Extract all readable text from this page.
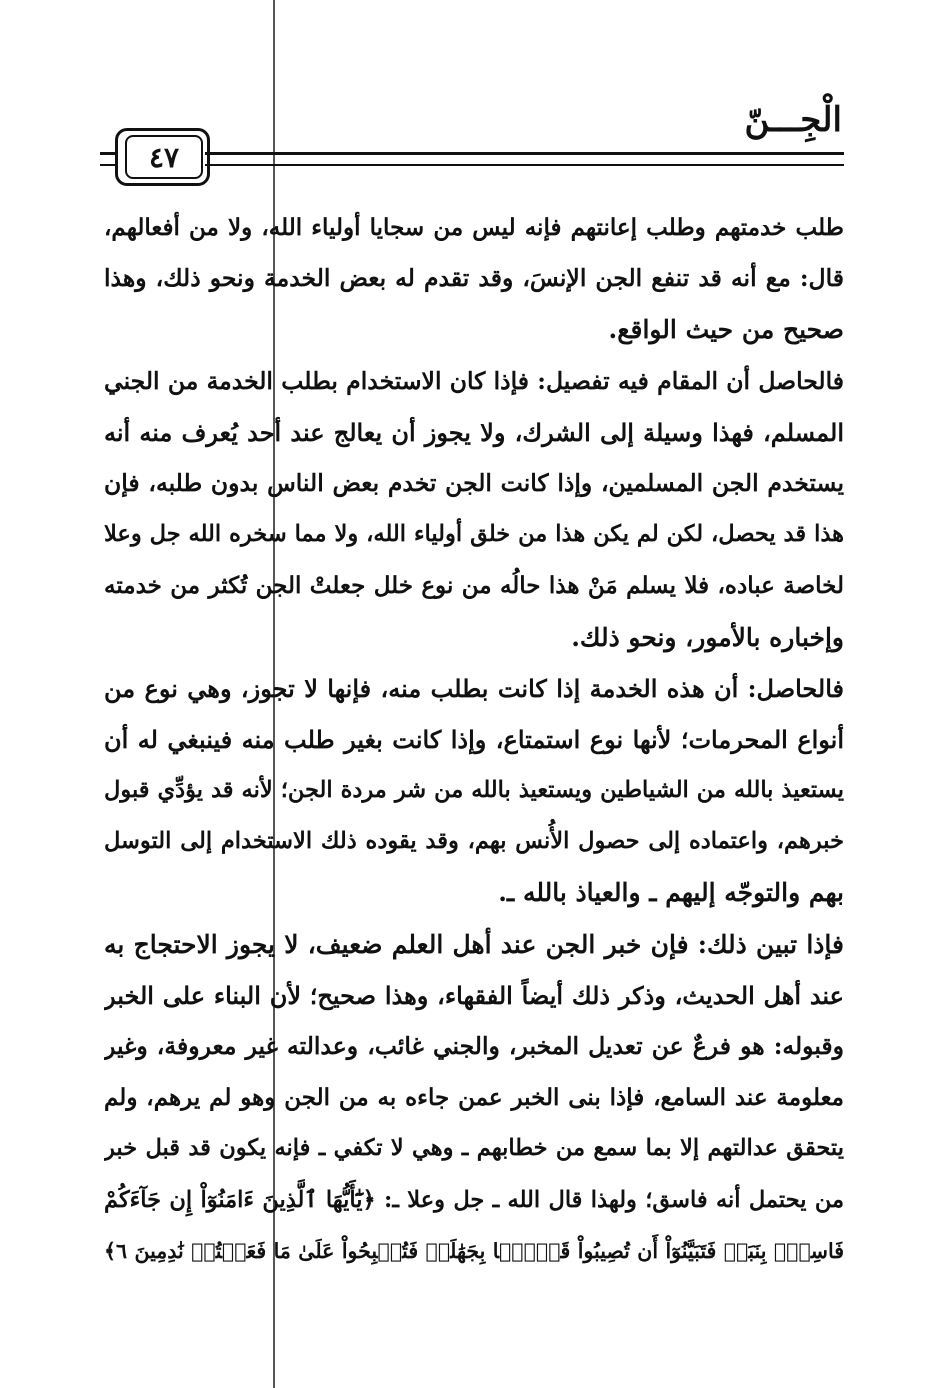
الْجِـــنّ
٤٧
طلب خدمتهم وطلب إعانتهم فإنه ليس من سجايا أولياء الله، ولا من أفعالهم،
قال: مع أنه قد تنفع الجن الإنسَ، وقد تقدم له بعض الخدمة ونحو ذلك، وهذا
صحيح من حيث الواقع.
فالحاصل أن المقام فيه تفصيل: فإذا كان الاستخدام بطلب الخدمة من الجني
المسلم، فهذا وسيلة إلى الشرك، ولا يجوز أن يعالج عند أحد يُعرف منه أنه
يستخدم الجن المسلمين، وإذا كانت الجن تخدم بعض الناس بدون طلبه، فإن
هذا قد يحصل، لكن لم يكن هذا من خلق أولياء الله، ولا مما سخره الله جل وعلا
لخاصة عباده، فلا يسلم مَنْ هذا حالُه من نوع خلل جعلتْ الجن تُكثر من خدمته
وإخباره بالأمور، ونحو ذلك.
فالحاصل: أن هذه الخدمة إذا كانت بطلب منه، فإنها لا تجوز، وهي نوع من
أنواع المحرمات؛ لأنها نوع استمتاع، وإذا كانت بغير طلب منه فينبغي له أن
يستعيذ بالله من الشياطين ويستعيذ بالله من شر مردة الجن؛ لأنه قد يؤدِّي قبول
خبرهم، واعتماده إلى حصول الأُنس بهم، وقد يقوده ذلك الاستخدام إلى التوسل
بهم والتوجّه إليهم ـ والعياذ بالله ـ.
فإذا تبين ذلك: فإن خبر الجن عند أهل العلم ضعيف، لا يجوز الاحتجاج به
عند أهل الحديث، وذكر ذلك أيضاً الفقهاء، وهذا صحيح؛ لأن البناء على الخبر
وقبوله: هو فرعٌ عن تعديل المخبر، والجني غائب، وعدالته غير معروفة، وغير
معلومة عند السامع، فإذا بنى الخبر عمن جاءه به من الجن وهو لم يرهم، ولم
يتحقق عدالتهم إلا بما سمع من خطابهم ـ وهي لا تكفي ـ فإنه يكون قد قبل خبر
من يحتمل أنه فاسق؛ ولهذا قال الله ـ جل وعلا ـ: ﴿يَٰٓأَيُّهَا ٱلَّذِينَ ءَامَنُوٓاْ إِن جَآءَكُمْ
فَاسِقُۢ بِنَبَإٖ فَتَبَيَّنُوٓاْ أَن تُصِيبُواْ قَوۡمَۢا بِجَهَٰلَةٖ فَتُصۡبِحُواْ عَلَىٰ مَا فَعَلۡتُمۡ نَٰدِمِينَ ٦﴾
